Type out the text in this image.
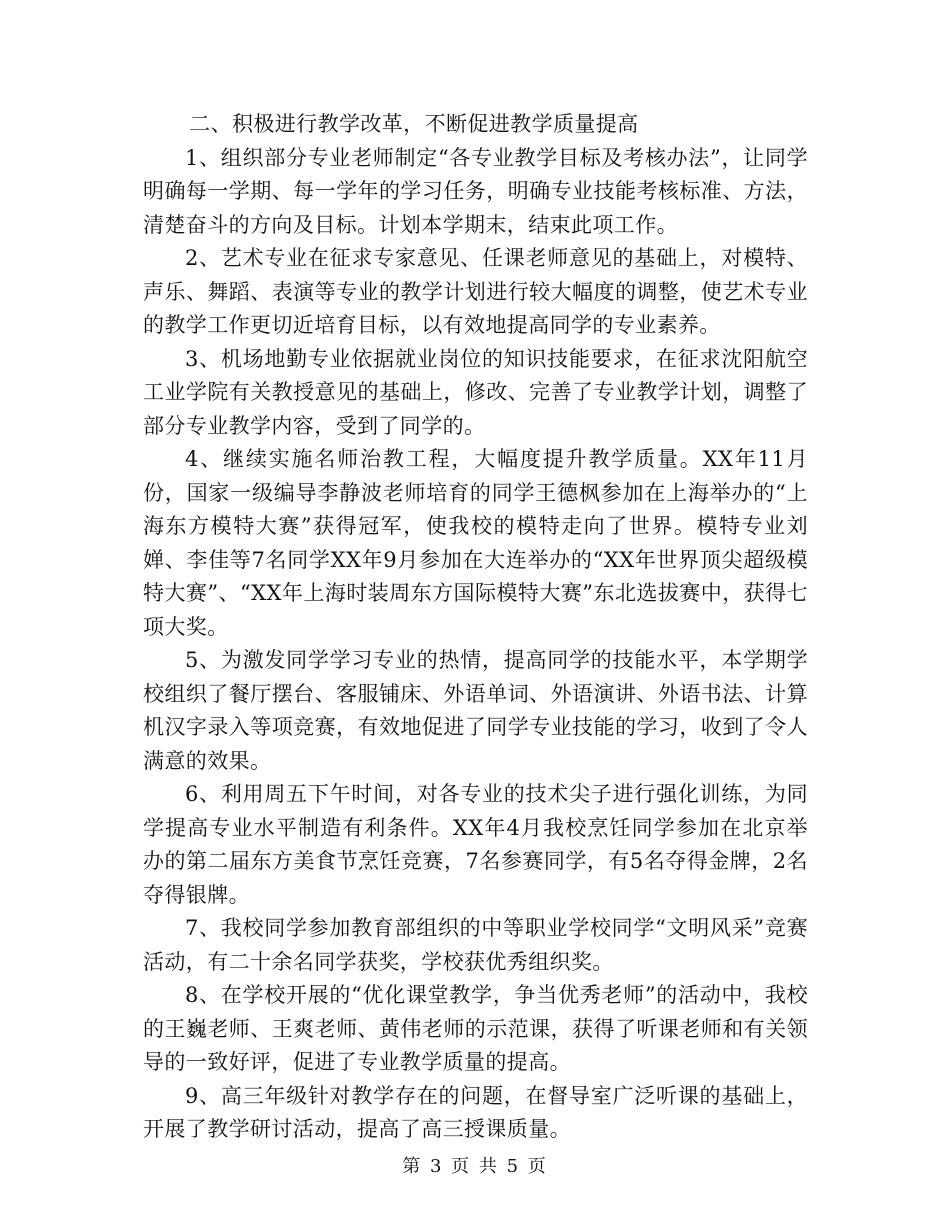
二、积极进行教学改革，不断促进教学质量提高

1、组织部分专业老师制定“各专业教学目标及考核办法”，让同学明确每一学期、每一学年的学习任务，明确专业技能考核标准、方法，清楚奋斗的方向及目标。计划本学期末，结束此项工作。

2、艺术专业在征求专家意见、任课老师意见的基础上，对模特、声乐、舞蹈、表演等专业的教学计划进行较大幅度的调整，使艺术专业的教学工作更切近培育目标，以有效地提高同学的专业素养。

3、机场地勤专业依据就业岗位的知识技能要求，在征求沈阳航空工业学院有关教授意见的基础上，修改、完善了专业教学计划，调整了部分专业教学内容，受到了同学的。

4、继续实施名师治教工程，大幅度提升教学质量。XX年11月份，国家一级编导李静波老师培育的同学王德枫参加在上海举办的“上海东方模特大赛”获得冠军，使我校的模特走向了世界。模特专业刘婵、李佳等7名同学XX年9月参加在大连举办的“XX年世界顶尖超级模特大赛”、“XX年上海时装周东方国际模特大赛”东北选拔赛中，获得七项大奖。

5、为激发同学学习专业的热情，提高同学的技能水平，本学期学校组织了餐厅摆台、客服铺床、外语单词、外语演讲、外语书法、计算机汉字录入等项竞赛，有效地促进了同学专业技能的学习，收到了令人满意的效果。

6、利用周五下午时间，对各专业的技术尖子进行强化训练，为同学提高专业水平制造有利条件。XX年4月我校烹饪同学参加在北京举办的第二届东方美食节烹饪竞赛，7名参赛同学，有5名夺得金牌，2名夺得银牌。

7、我校同学参加教育部组织的中等职业学校同学“文明风采”竞赛活动，有二十余名同学获奖，学校获优秀组织奖。

8、在学校开展的“优化课堂教学，争当优秀老师”的活动中，我校的王巍老师、王爽老师、黄伟老师的示范课，获得了听课老师和有关领导的一致好评，促进了专业教学质量的提高。

9、高三年级针对教学存在的问题，在督导室广泛听课的基础上，开展了教学研讨活动，提高了高三授课质量。

第 3 页 共 5 页
